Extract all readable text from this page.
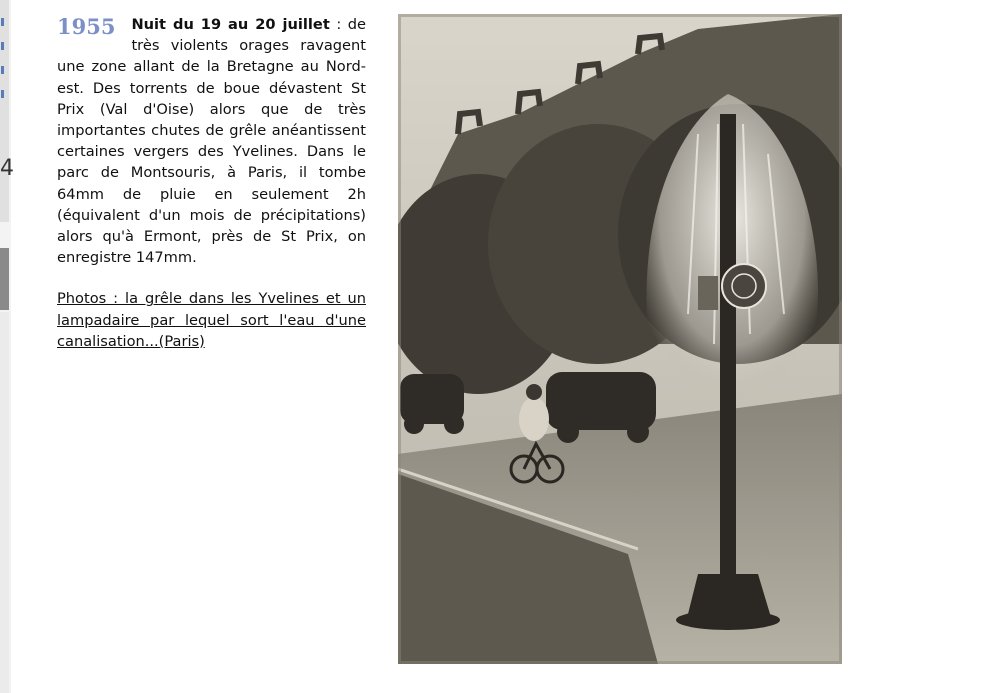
4
1955 Nuit du 19 au 20 juillet : de très violents orages ravagent une zone allant de la Bretagne au Nord-est. Des torrents de boue dévastent St Prix (Val d'Oise) alors que de très importantes chutes de grêle anéantissent certaines vergers des Yvelines. Dans le parc de Montsouris, à Paris, il tombe 64mm de pluie en seulement 2h (équivalent d'un mois de précipitations) alors qu'à Ermont, près de St Prix, on enregistre 147mm.
Photos : la grêle dans les Yvelines et un lampadaire par lequel sort l'eau d'une canalisation...(Paris)
